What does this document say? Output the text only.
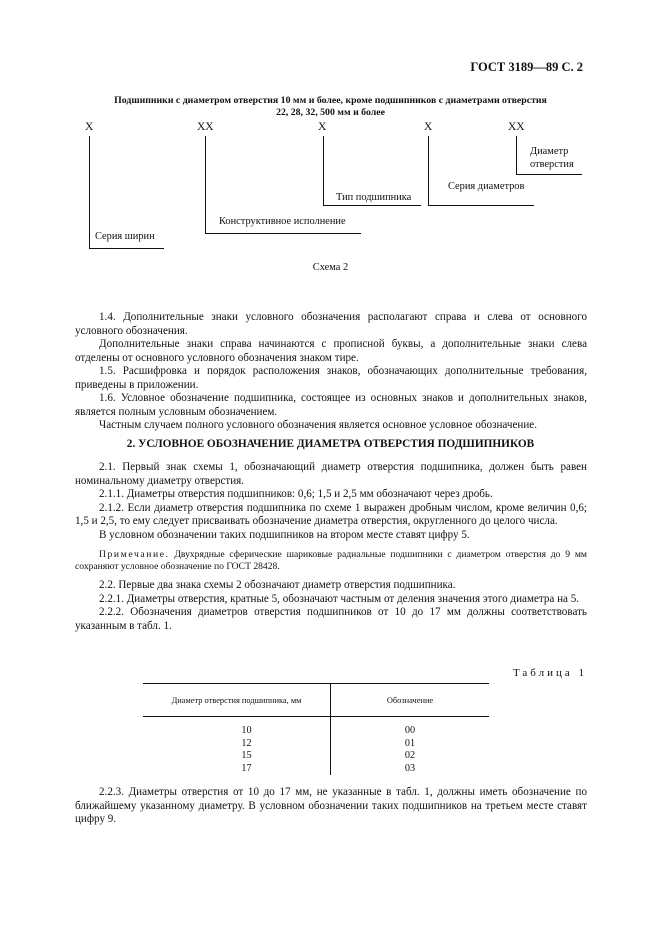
ГОСТ 3189—89 С. 2
Подшипники с диаметром отверстия 10 мм и более, кроме подшипников с диаметрами отверстия
22, 28, 32, 500 мм и более
X	XX	X	X	XX
Серия ширин
Конструктивное исполнение
Тип подшипника
Серия диаметров
Диаметр
отверстия
Схема 2

1.4. Дополнительные знаки условного обозначения располагают справа и слева от основного условного обозначения.

Дополнительные знаки справа начинаются с прописной буквы, а дополнительные знаки слева отделены от основного условного обозначения знаком тире.

1.5. Расшифровка и порядок расположения знаков, обозначающих дополнительные требования, приведены в приложении.

1.6. Условное обозначение подшипника, состоящее из основных знаков и дополнительных знаков, является полным условным обозначением.

Частным случаем полного условного обозначения является основное условное обозначение.

2. УСЛОВНОЕ ОБОЗНАЧЕНИЕ ДИАМЕТРА ОТВЕРСТИЯ ПОДШИПНИКОВ

2.1. Первый знак схемы 1, обозначающий диаметр отверстия подшипника, должен быть равен номинальному диаметру отверстия.

2.1.1. Диаметры отверстия подшипников: 0,6; 1,5 и 2,5 мм обозначают через дробь.

2.1.2. Если диаметр отверстия подшипника по схеме 1 выражен дробным числом, кроме величин 0,6; 1,5 и 2,5, то ему следует присваивать обозначение диаметра отверстия, округленного до целого числа.

В условном обозначении таких подшипников на втором месте ставят цифру 5.

Примечание. Двухрядные сферические шариковые радиальные подшипники с диаметром отверстия до 9 мм сохраняют условное обозначение по ГОСТ 28428.

2.2. Первые два знака схемы 2 обозначают диаметр отверстия подшипника.

2.2.1. Диаметры отверстия, кратные 5, обозначают частным от деления значения этого диаметра на 5.

2.2.2. Обозначения диаметров отверстия подшипников от 10 до 17 мм должны соответствовать указанным в табл. 1.

Таблица 1
Диаметр отверстия подшипника, мм	Обозначение
10	00
12	01
15	02
17	03

2.2.3. Диаметры отверстия от 10 до 17 мм, не указанные в табл. 1, должны иметь обозначение по ближайшему указанному диаметру. В условном обозначении таких подшипников на третьем месте ставят цифру 9.
